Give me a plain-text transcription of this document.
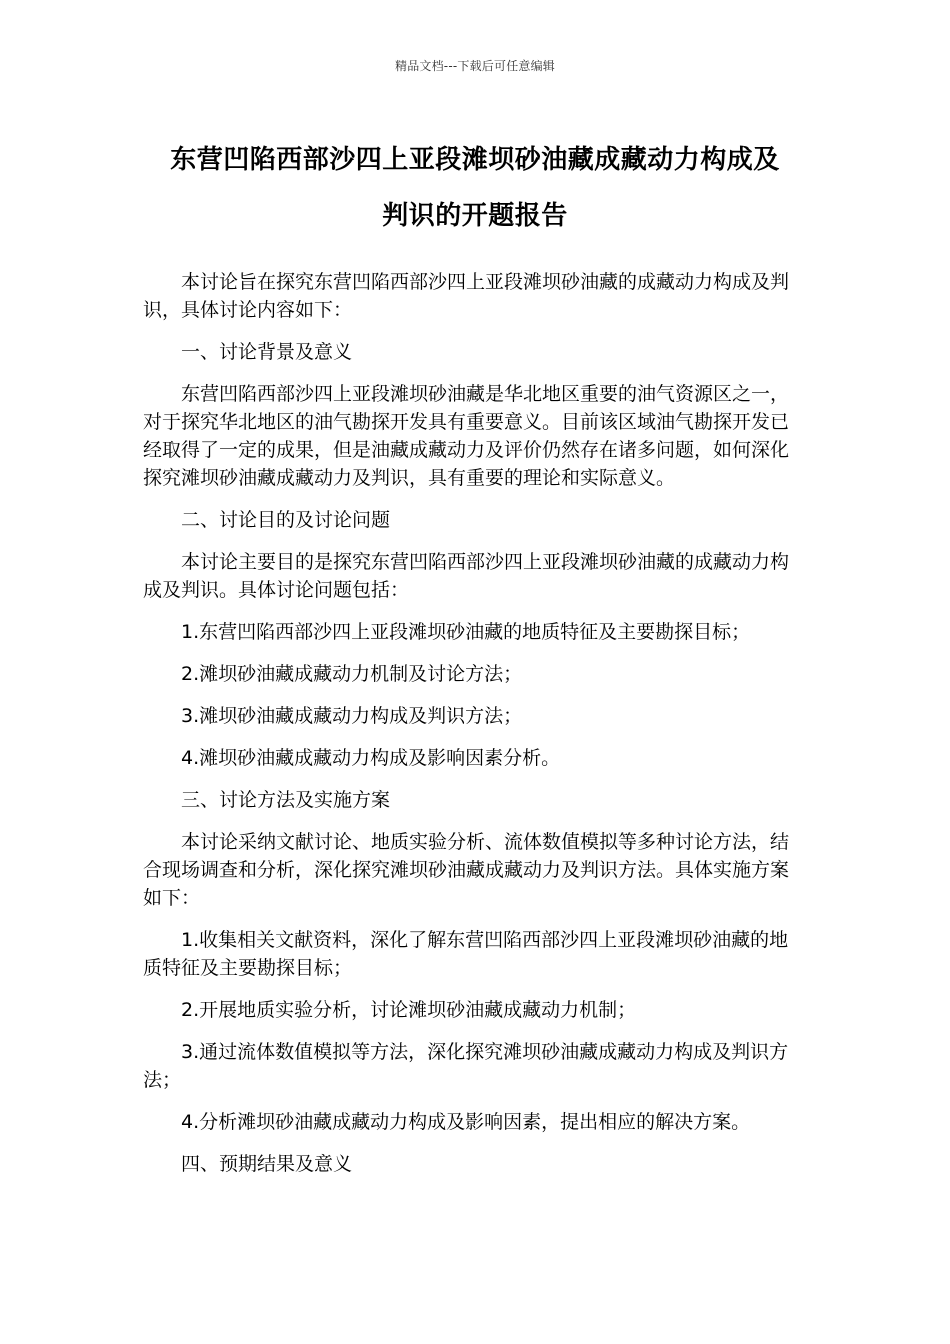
精品文档---下载后可任意编辑
东营凹陷西部沙四上亚段滩坝砂油藏成藏动力构成及
判识的开题报告

本讨论旨在探究东营凹陷西部沙四上亚段滩坝砂油藏的成藏动力构成及判识，具体讨论内容如下：

一、讨论背景及意义

东营凹陷西部沙四上亚段滩坝砂油藏是华北地区重要的油气资源区之一，对于探究华北地区的油气勘探开发具有重要意义。目前该区域油气勘探开发已经取得了一定的成果，但是油藏成藏动力及评价仍然存在诸多问题，如何深化探究滩坝砂油藏成藏动力及判识，具有重要的理论和实际意义。

二、讨论目的及讨论问题

本讨论主要目的是探究东营凹陷西部沙四上亚段滩坝砂油藏的成藏动力构成及判识。具体讨论问题包括：

1.东营凹陷西部沙四上亚段滩坝砂油藏的地质特征及主要勘探目标；

2.滩坝砂油藏成藏动力机制及讨论方法；

3.滩坝砂油藏成藏动力构成及判识方法；

4.滩坝砂油藏成藏动力构成及影响因素分析。

三、讨论方法及实施方案

本讨论采纳文献讨论、地质实验分析、流体数值模拟等多种讨论方法，结合现场调查和分析，深化探究滩坝砂油藏成藏动力及判识方法。具体实施方案如下：

1.收集相关文献资料，深化了解东营凹陷西部沙四上亚段滩坝砂油藏的地质特征及主要勘探目标；

2.开展地质实验分析，讨论滩坝砂油藏成藏动力机制；

3.通过流体数值模拟等方法，深化探究滩坝砂油藏成藏动力构成及判识方法；

4.分析滩坝砂油藏成藏动力构成及影响因素，提出相应的解决方案。

四、预期结果及意义
